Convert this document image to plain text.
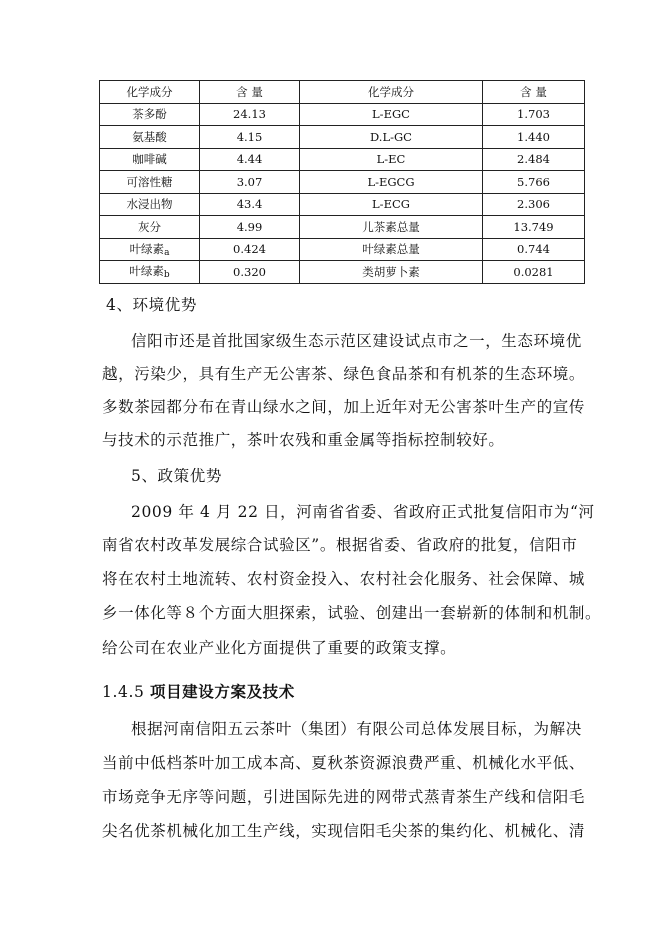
化学成分	含 量	化学成分	含 量
茶多酚	24.13	L-EGC	1.703
氨基酸	4.15	D.L-GC	1.440
咖啡碱	4.44	L-EC	2.484
可溶性糖	3.07	L-EGCG	5.766
水浸出物	43.4	L-ECG	2.306
灰分	4.99	儿茶素总量	13.749
叶绿素$_a$	0.424	叶绿素总量	0.744
叶绿素$_b$	0.320	类胡萝卜素	0.0281
4、环境优势
信阳市还是首批国家级生态示范区建设试点市之一，生态环境优
越，污染少，具有生产无公害茶、绿色食品茶和有机茶的生态环境。
多数茶园都分布在青山绿水之间，加上近年对无公害茶叶生产的宣传
与技术的示范推广，茶叶农残和重金属等指标控制较好。
5、政策优势
2009 年 4 月 22 日，河南省省委、省政府正式批复信阳市为“河
南省农村改革发展综合试验区”。根据省委、省政府的批复，信阳市
将在农村土地流转、农村资金投入、农村社会化服务、社会保障、城
乡一体化等８个方面大胆探索，试验、创建出一套崭新的体制和机制。
给公司在农业产业化方面提供了重要的政策支撑。
1.4.5 项目建设方案及技术
根据河南信阳五云茶叶（集团）有限公司总体发展目标，为解决
当前中低档茶叶加工成本高、夏秋茶资源浪费严重、机械化水平低、
市场竞争无序等问题，引进国际先进的网带式蒸青茶生产线和信阳毛
尖名优茶机械化加工生产线，实现信阳毛尖茶的集约化、机械化、清
